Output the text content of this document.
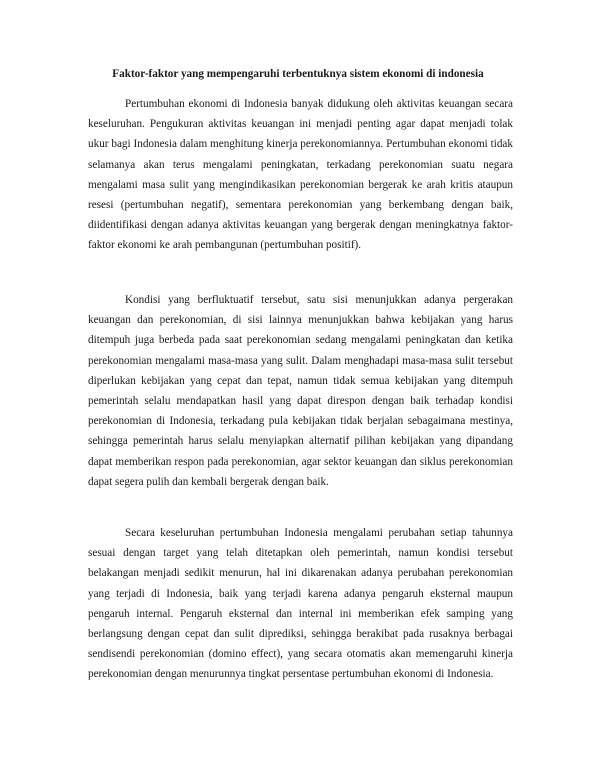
Faktor-faktor yang mempengaruhi terbentuknya sistem ekonomi di indonesia

Pertumbuhan ekonomi di Indonesia banyak didukung oleh aktivitas keuangan secara keseluruhan. Pengukuran aktivitas keuangan ini menjadi penting agar dapat menjadi tolak ukur bagi Indonesia dalam menghitung kinerja perekonomiannya. Pertumbuhan ekonomi tidak selamanya akan terus mengalami peningkatan, terkadang perekonomian suatu negara mengalami masa sulit yang mengindikasikan perekonomian bergerak ke arah kritis ataupun resesi (pertumbuhan negatif), sementara perekonomian yang berkembang dengan baik, diidentifikasi dengan adanya aktivitas keuangan yang bergerak dengan meningkatnya faktor-faktor ekonomi ke arah pembangunan (pertumbuhan positif).

Kondisi yang berfluktuatif tersebut, satu sisi menunjukkan adanya pergerakan keuangan dan perekonomian, di sisi lainnya menunjukkan bahwa kebijakan yang harus ditempuh juga berbeda pada saat perekonomian sedang mengalami peningkatan dan ketika perekonomian mengalami masa-masa yang sulit. Dalam menghadapi masa-masa sulit tersebut diperlukan kebijakan yang cepat dan tepat, namun tidak semua kebijakan yang ditempuh pemerintah selalu mendapatkan hasil yang dapat direspon dengan baik terhadap kondisi perekonomian di Indonesia, terkadang pula kebijakan tidak berjalan sebagaimana mestinya, sehingga pemerintah harus selalu menyiapkan alternatif pilihan kebijakan yang dipandang dapat memberikan respon pada perekonomian, agar sektor keuangan dan siklus perekonomian dapat segera pulih dan kembali bergerak dengan baik.

Secara keseluruhan pertumbuhan Indonesia mengalami perubahan setiap tahunnya sesuai dengan target yang telah ditetapkan oleh pemerintah, namun kondisi tersebut belakangan menjadi sedikit menurun, hal ini dikarenakan adanya perubahan perekonomian yang terjadi di Indonesia, baik yang terjadi karena adanya pengaruh eksternal maupun pengaruh internal. Pengaruh eksternal dan internal ini memberikan efek samping yang berlangsung dengan cepat dan sulit diprediksi, sehingga berakibat pada rusaknya berbagai sendisendi perekonomian (domino effect), yang secara otomatis akan memengaruhi kinerja perekonomian dengan menurunnya tingkat persentase pertumbuhan ekonomi di Indonesia.
